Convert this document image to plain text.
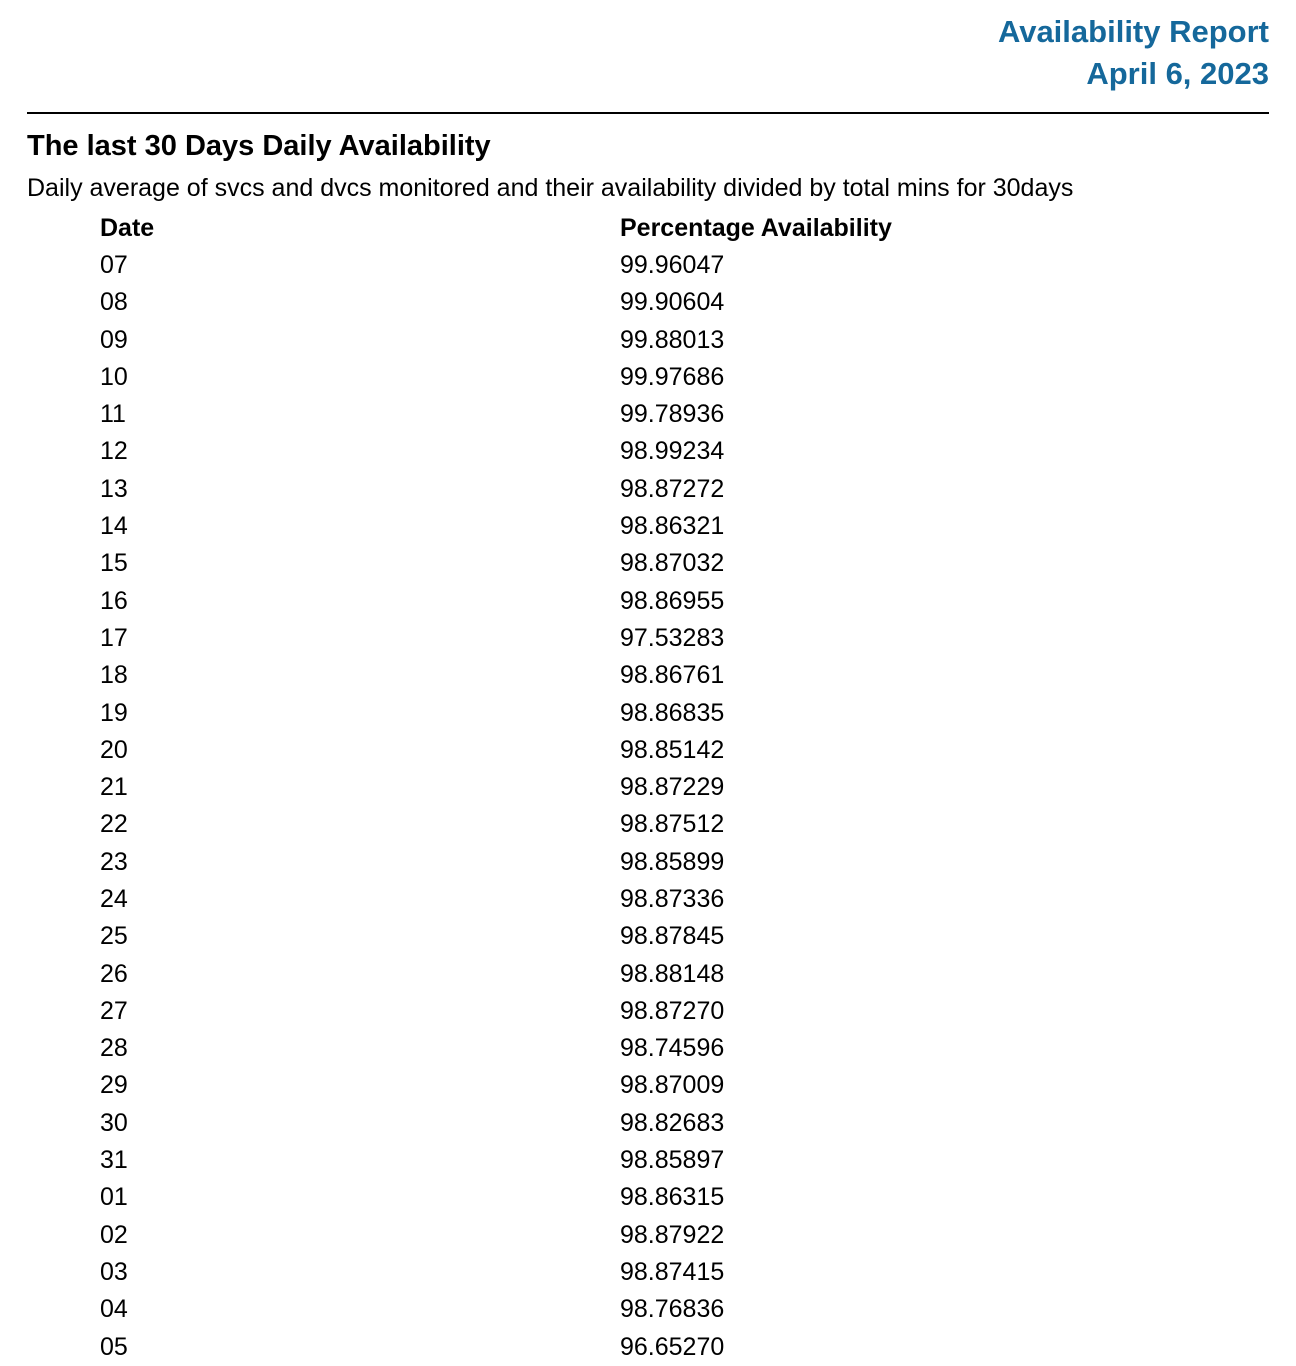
Availability Report
April 6, 2023
The last 30 Days Daily Availability

Daily average of svcs and dvcs monitored and their availability divided by total mins for 30days

Date	Percentage Availability
07	99.96047
08	99.90604
09	99.88013
10	99.97686
11	99.78936
12	98.99234
13	98.87272
14	98.86321
15	98.87032
16	98.86955
17	97.53283
18	98.86761
19	98.86835
20	98.85142
21	98.87229
22	98.87512
23	98.85899
24	98.87336
25	98.87845
26	98.88148
27	98.87270
28	98.74596
29	98.87009
30	98.82683
31	98.85897
01	98.86315
02	98.87922
03	98.87415
04	98.76836
05	96.65270
